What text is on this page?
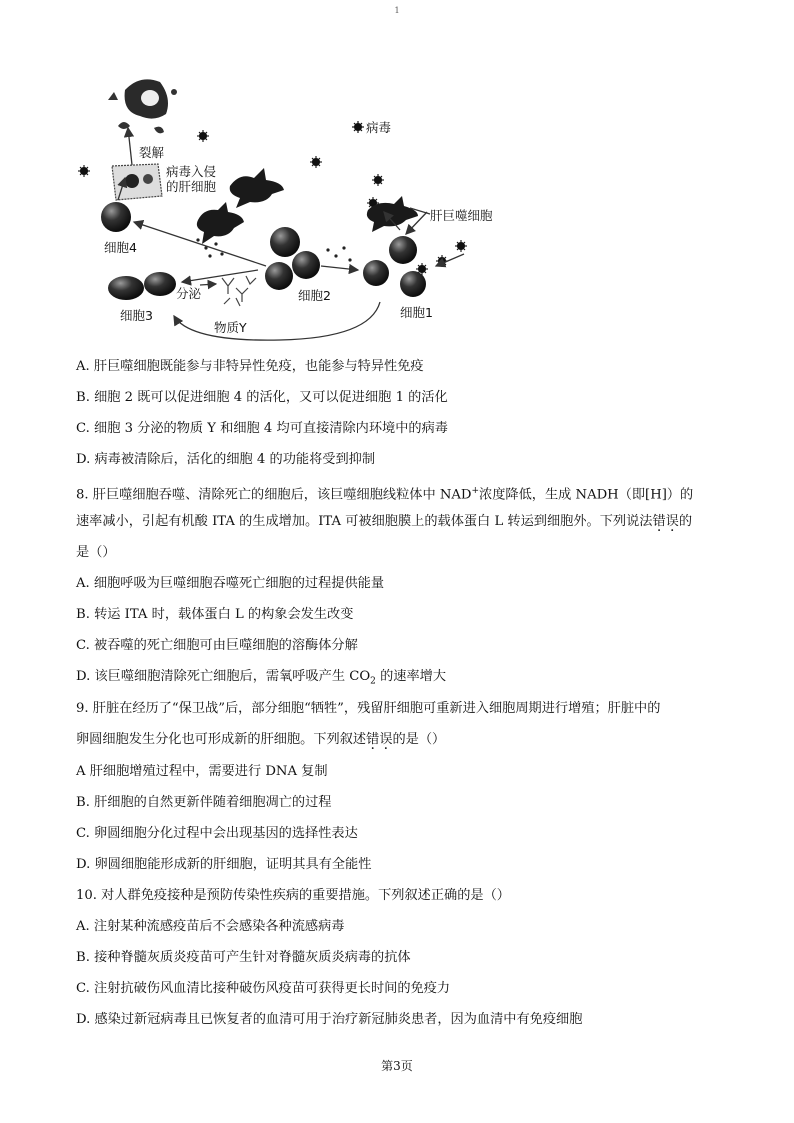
1
裂解
病毒入侵
的肝细胞
病毒
肝巨噬细胞
细胞4
细胞2
细胞1
细胞3
分泌
物质Y
A. 肝巨噬细胞既能参与非特异性免疫，也能参与特异性免疫
B. 细胞 2 既可以促进细胞 4 的活化，又可以促进细胞 1 的活化
C. 细胞 3 分泌的物质 Y 和细胞 4 均可直接清除内环境中的病毒
D. 病毒被清除后，活化的细胞 4 的功能将受到抑制
8. 肝巨噬细胞吞噬、清除死亡的细胞后，该巨噬细胞线粒体中 NAD+浓度降低，生成 NADH（即[H]）的
速率减小，引起有机酸 ITA 的生成增加。ITA 可被细胞膜上的载体蛋白 L 转运到细胞外。下列说法错误的
是（）
A. 细胞呼吸为巨噬细胞吞噬死亡细胞的过程提供能量
B. 转运 ITA 时，载体蛋白 L 的构象会发生改变
C. 被吞噬的死亡细胞可由巨噬细胞的溶酶体分解
D. 该巨噬细胞清除死亡细胞后，需氧呼吸产生 $CO_2$ 的速率增大
9. 肝脏在经历了“保卫战”后，部分细胞“牺牲”，残留肝细胞可重新进入细胞周期进行增殖；肝脏中的
卵圆细胞发生分化也可形成新的肝细胞。下列叙述错误的是（）
A 肝细胞增殖过程中，需要进行 DNA 复制
B. 肝细胞的自然更新伴随着细胞凋亡的过程
C. 卵圆细胞分化过程中会出现基因的选择性表达
D. 卵圆细胞能形成新的肝细胞，证明其具有全能性
10. 对人群免疫接种是预防传染性疾病的重要措施。下列叙述正确的是（）
A. 注射某种流感疫苗后不会感染各种流感病毒
B. 接种脊髓灰质炎疫苗可产生针对脊髓灰质炎病毒的抗体
C. 注射抗破伤风血清比接种破伤风疫苗可获得更长时间的免疫力
D. 感染过新冠病毒且已恢复者的血清可用于治疗新冠肺炎患者，因为血清中有免疫细胞
第3页
